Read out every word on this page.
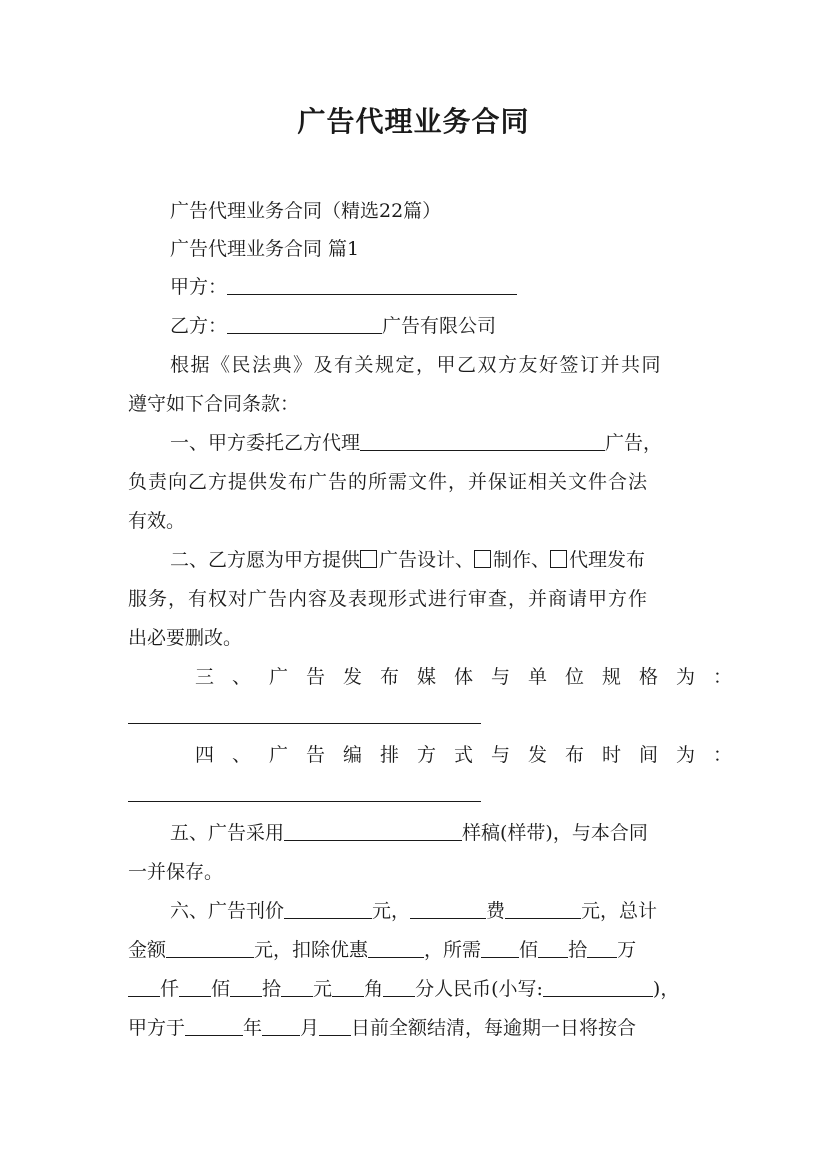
广告代理业务合同

广告代理业务合同（精选22篇）

广告代理业务合同 篇1

甲方：

乙方：	广告有限公司

根据《民法典》及有关规定，甲乙双方友好签订并共同

遵守如下合同条款：

一、甲方委托乙方代理	广告，

负责向乙方提供发布广告的所需文件，并保证相关文件合法

有效。

二、乙方愿为甲方提供 广告设计、 制作、 代理发布

服务，有权对广告内容及表现形式进行审查，并商请甲方作

出必要删改。

三、广告发布媒体与单位规格为：

四、广告编排方式与发布时间为：

五、广告采用	样稿(样带)，与本合同

一并保存。

六、广告刊价	元，	费	元，总计

金额	元，扣除优惠	，所需 佰 拾 万

仟 佰 拾 元 角 分人民币(小写:	)，

甲方于	年 月 日前全额结清，每逾期一日将按合
